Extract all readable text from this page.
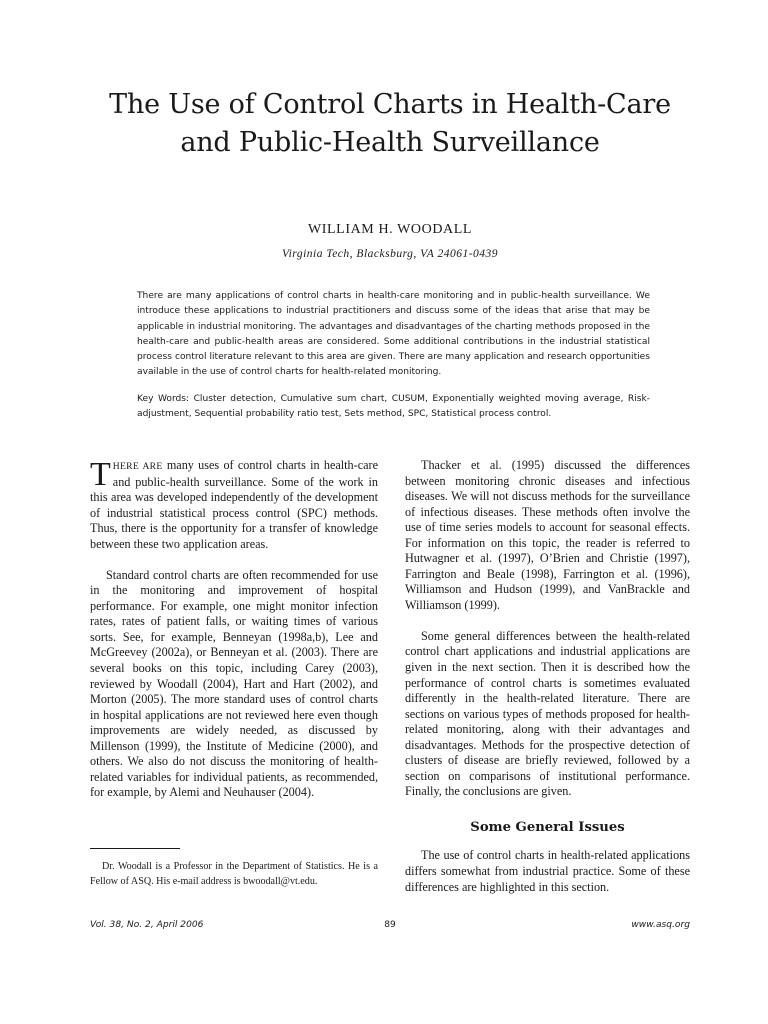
The Use of Control Charts in Health-Care and Public-Health Surveillance
WILLIAM H. WOODALL
Virginia Tech, Blacksburg, VA 24061-0439

There are many applications of control charts in health-care monitoring and in public-health surveillance. We introduce these applications to industrial practitioners and discuss some of the ideas that arise that may be applicable in industrial monitoring. The advantages and disadvantages of the charting methods proposed in the health-care and public-health areas are considered. Some additional contributions in the industrial statistical process control literature relevant to this area are given. There are many application and research opportunities available in the use of control charts for health-related monitoring.

Key Words: Cluster detection, Cumulative sum chart, CUSUM, Exponentially weighted moving average, Risk-adjustment, Sequential probability ratio test, Sets method, SPC, Statistical process control.

THERE ARE many uses of control charts in health-care and public-health surveillance. Some of the work in this area was developed independently of the development of industrial statistical process control (SPC) methods. Thus, there is the opportunity for a transfer of knowledge between these two application areas.

Standard control charts are often recommended for use in the monitoring and improvement of hospital performance. For example, one might monitor infection rates, rates of patient falls, or waiting times of various sorts. See, for example, Benneyan (1998a,b), Lee and McGreevey (2002a), or Benneyan et al. (2003). There are several books on this topic, including Carey (2003), reviewed by Woodall (2004), Hart and Hart (2002), and Morton (2005). The more standard uses of control charts in hospital applications are not reviewed here even though improvements are widely needed, as discussed by Millenson (1999), the Institute of Medicine (2000), and others. We also do not discuss the monitoring of health-related variables for individual patients, as recommended, for example, by Alemi and Neuhauser (2004).

Thacker et al. (1995) discussed the differences between monitoring chronic diseases and infectious diseases. We will not discuss methods for the surveillance of infectious diseases. These methods often involve the use of time series models to account for seasonal effects. For information on this topic, the reader is referred to Hutwagner et al. (1997), O’Brien and Christie (1997), Farrington and Beale (1998), Farrington et al. (1996), Williamson and Hudson (1999), and VanBrackle and Williamson (1999).

Some general differences between the health-related control chart applications and industrial applications are given in the next section. Then it is described how the performance of control charts is sometimes evaluated differently in the health-related literature. There are sections on various types of methods proposed for health-related monitoring, along with their advantages and disadvantages. Methods for the prospective detection of clusters of disease are briefly reviewed, followed by a section on comparisons of institutional performance. Finally, the conclusions are given.

Some General Issues

The use of control charts in health-related applications differs somewhat from industrial practice. Some of these differences are highlighted in this section.

Dr. Woodall is a Professor in the Department of Statistics. He is a Fellow of ASQ. His e-mail address is bwoodall@vt.edu.

Vol. 38, No. 2, April 2006	89	www.asq.org
